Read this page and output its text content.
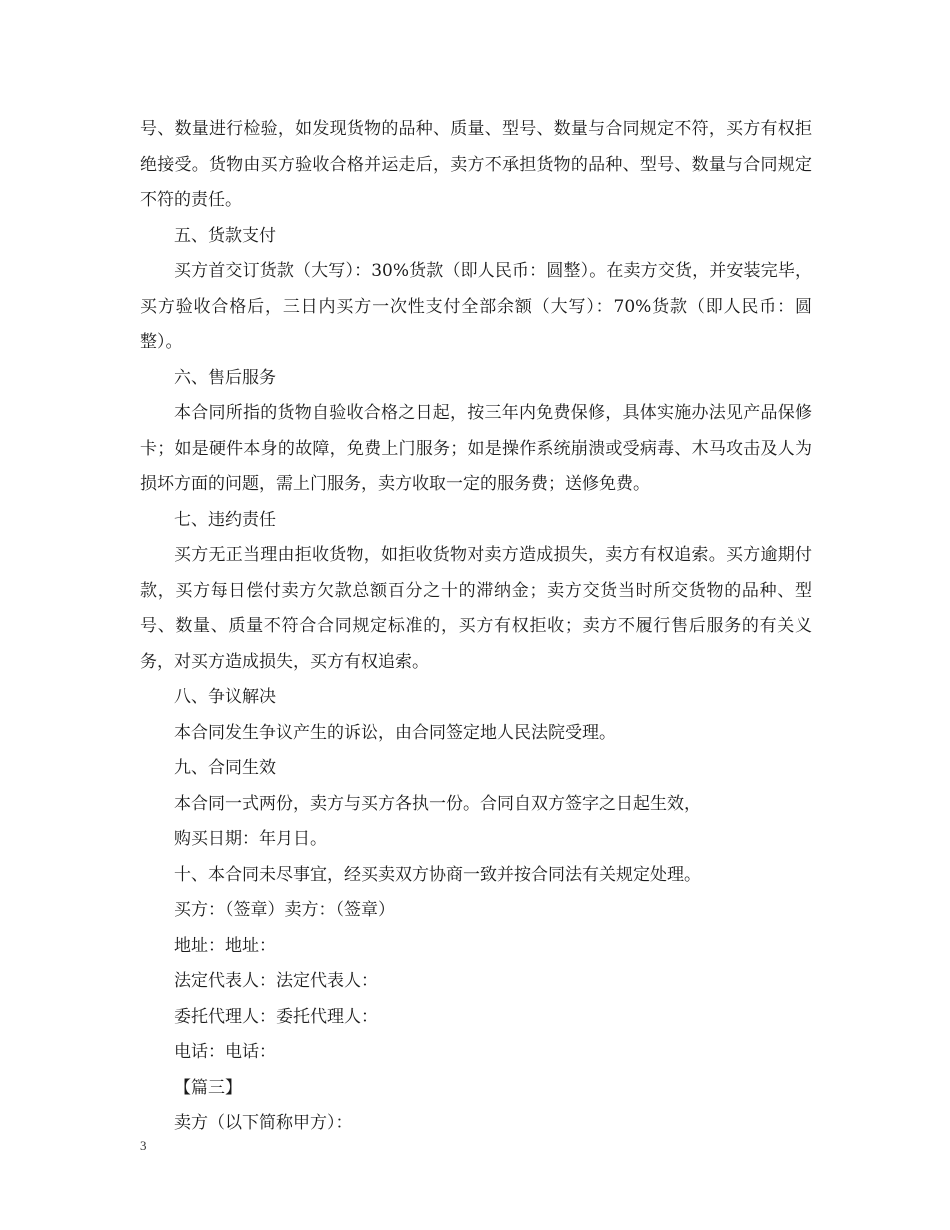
号、数量进行检验，如发现货物的品种、质量、型号、数量与合同规定不符，买方有权拒绝接受。货物由买方验收合格并运走后，卖方不承担货物的品种、型号、数量与合同规定不符的责任。

五、货款支付

买方首交订货款（大写）：30%货款（即人民币：圆整）。在卖方交货，并安装完毕，买方验收合格后，三日内买方一次性支付全部余额（大写）：70%货款（即人民币：圆整）。

六、售后服务

本合同所指的货物自验收合格之日起，按三年内免费保修，具体实施办法见产品保修卡；如是硬件本身的故障，免费上门服务；如是操作系统崩溃或受病毒、木马攻击及人为损坏方面的问题，需上门服务，卖方收取一定的服务费；送修免费。

七、违约责任

买方无正当理由拒收货物，如拒收货物对卖方造成损失，卖方有权追索。买方逾期付款，买方每日偿付卖方欠款总额百分之十的滞纳金；卖方交货当时所交货物的品种、型号、数量、质量不符合合同规定标准的，买方有权拒收；卖方不履行售后服务的有关义务，对买方造成损失，买方有权追索。

八、争议解决

本合同发生争议产生的诉讼，由合同签定地人民法院受理。

九、合同生效

本合同一式两份，卖方与买方各执一份。合同自双方签字之日起生效，

购买日期：年月日。

十、本合同未尽事宜，经买卖双方协商一致并按合同法有关规定处理。

买方：（签章）卖方：（签章）

地址：地址：

法定代表人：法定代表人：

委托代理人：委托代理人：

电话：电话：

【篇三】

卖方（以下简称甲方）：

3
